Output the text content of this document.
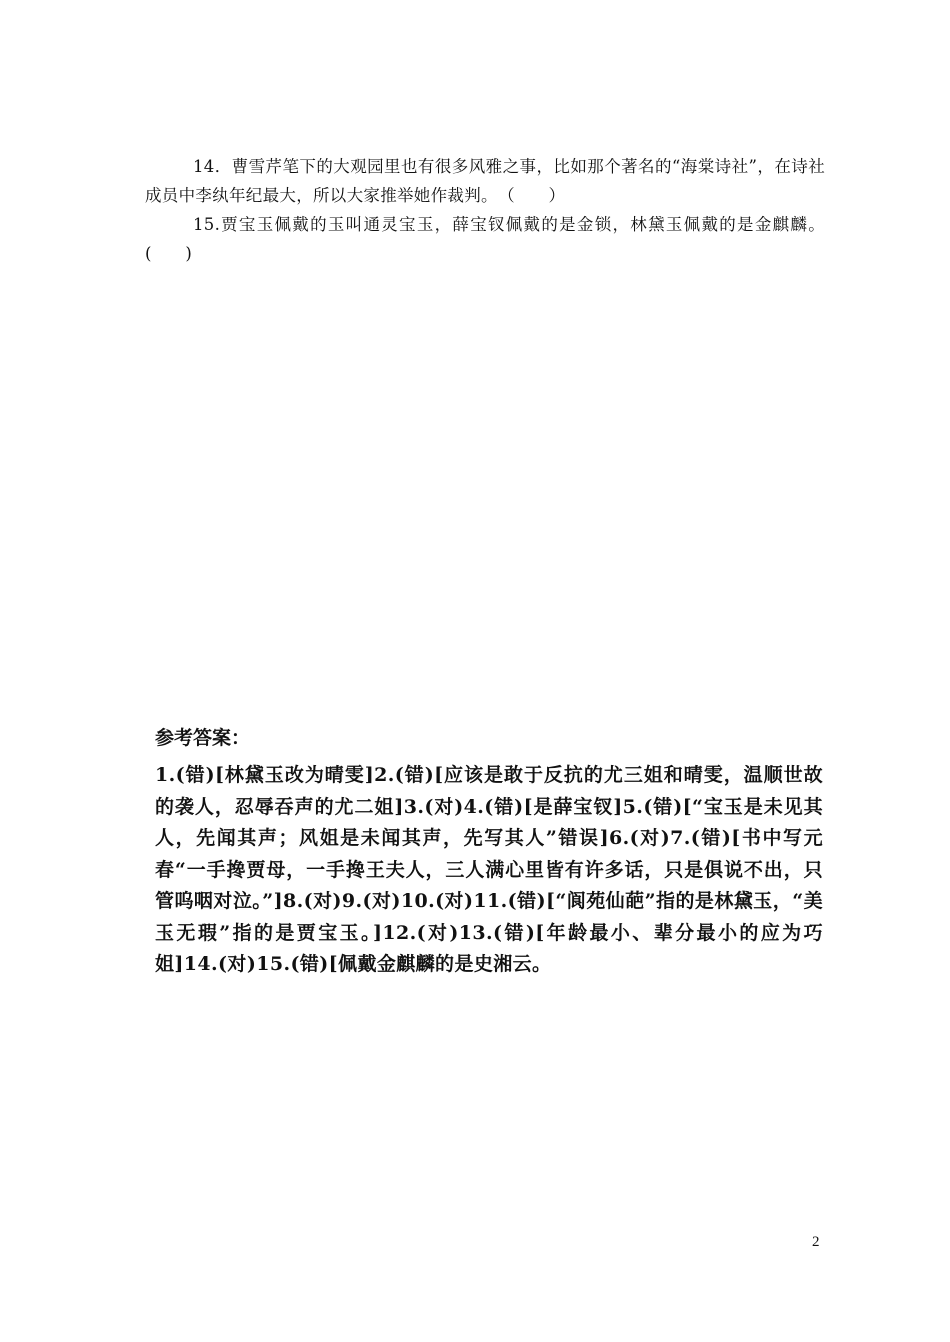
14．曹雪芹笔下的大观园里也有很多风雅之事，比如那个著名的“海棠诗社”，在诗社成员中李纨年纪最大，所以大家推举她作裁判。　（　　）

15.贾宝玉佩戴的玉叫通灵宝玉，薛宝钗佩戴的是金锁，林黛玉佩戴的是金麒麟。(　　)

参考答案：
1.(错)[林黛玉改为晴雯]2.(错)[应该是敢于反抗的尤三姐和晴雯，温顺世故的袭人，忍辱吞声的尤二姐]3.(对)4.(错)[是薛宝钗]5.(错)[“宝玉是未见其人，先闻其声；风姐是未闻其声，先写其人”错误]6.(对)7.(错)[书中写元春“一手搀贾母，一手搀王夫人，三人满心里皆有许多话，只是俱说不出，只管呜咽对泣。”]8.(对)9.(对)10.(对)11.(错)[“阆苑仙葩”指的是林黛玉，“美玉无瑕”指的是贾宝玉。]12.(对)13.(错)[年龄最小、辈分最小的应为巧姐]14.(对)15.(错)[佩戴金麒麟的是史湘云。
2
